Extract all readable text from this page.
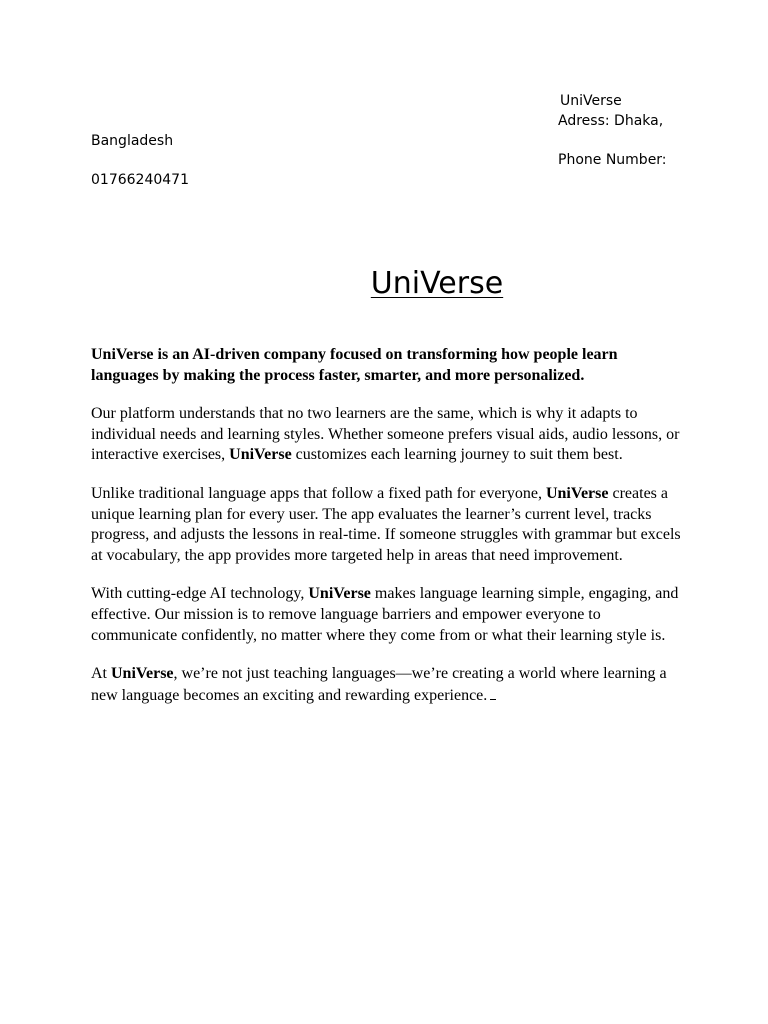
UniVerse
Adress: Dhaka,
Bangladesh
Phone Number:
01766240471
UniVerse

UniVerse is an AI-driven company focused on transforming how people learn languages by making the process faster, smarter, and more personalized.

Our platform understands that no two learners are the same, which is why it adapts to individual needs and learning styles. Whether someone prefers visual aids, audio lessons, or interactive exercises, UniVerse customizes each learning journey to suit them best.

Unlike traditional language apps that follow a fixed path for everyone, UniVerse creates a unique learning plan for every user. The app evaluates the learner’s current level, tracks progress, and adjusts the lessons in real-time. If someone struggles with grammar but excels at vocabulary, the app provides more targeted help in areas that need improvement.

With cutting-edge AI technology, UniVerse makes language learning simple, engaging, and effective. Our mission is to remove language barriers and empower everyone to communicate confidently, no matter where they come from or what their learning style is.

At UniVerse, we’re not just teaching languages—we’re creating a world where learning a new language becomes an exciting and rewarding experience.
